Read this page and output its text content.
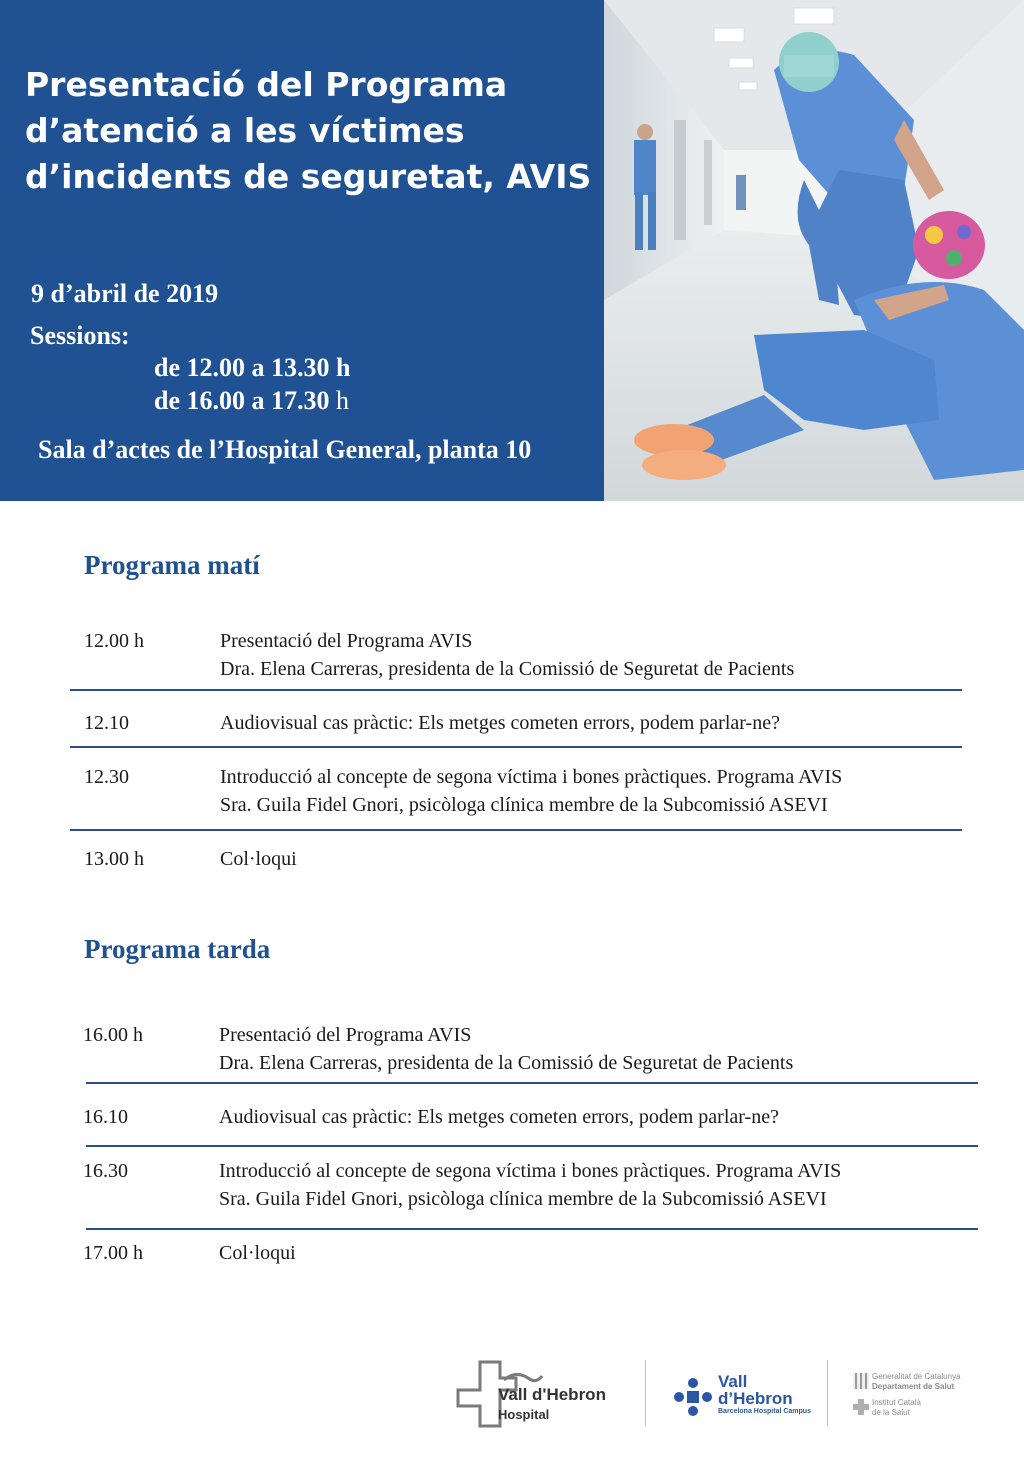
Presentació del Programa
d’atenció a les víctimes
d’incidents de seguretat, AVIS
9 d’abril de 2019
Sessions:
de 12.00 a 13.30 h
de 16.00 a 17.30 h
Sala d’actes de l’Hospital General, planta 10
Programa matí
12.00 h	Presentació del Programa AVIS
Dra. Elena Carreras, presidenta de la Comissió de Seguretat de Pacients
12.10	Audiovisual cas pràctic: Els metges cometen errors, podem parlar-ne?
12.30	Introducció al concepte de segona víctima i bones pràctiques. Programa AVIS
Sra. Guila Fidel Gnori, psicòloga clínica membre de la Subcomissió ASEVI
13.00 h	Col·loqui
Programa tarda
16.00 h	Presentació del Programa AVIS
Dra. Elena Carreras, presidenta de la Comissió de Seguretat de Pacients
16.10	Audiovisual cas pràctic: Els metges cometen errors, podem parlar-ne?
16.30	Introducció al concepte de segona víctima i bones pràctiques. Programa AVIS
Sra. Guila Fidel Gnori, psicòloga clínica membre de la Subcomissió ASEVI
17.00 h	Col·loqui
Vall d'Hebron
Hospital
Vall
d’Hebron
Barcelona Hospital Campus
Generalitat de Catalunya
Departament de Salut
Institut Català
de la Salut
